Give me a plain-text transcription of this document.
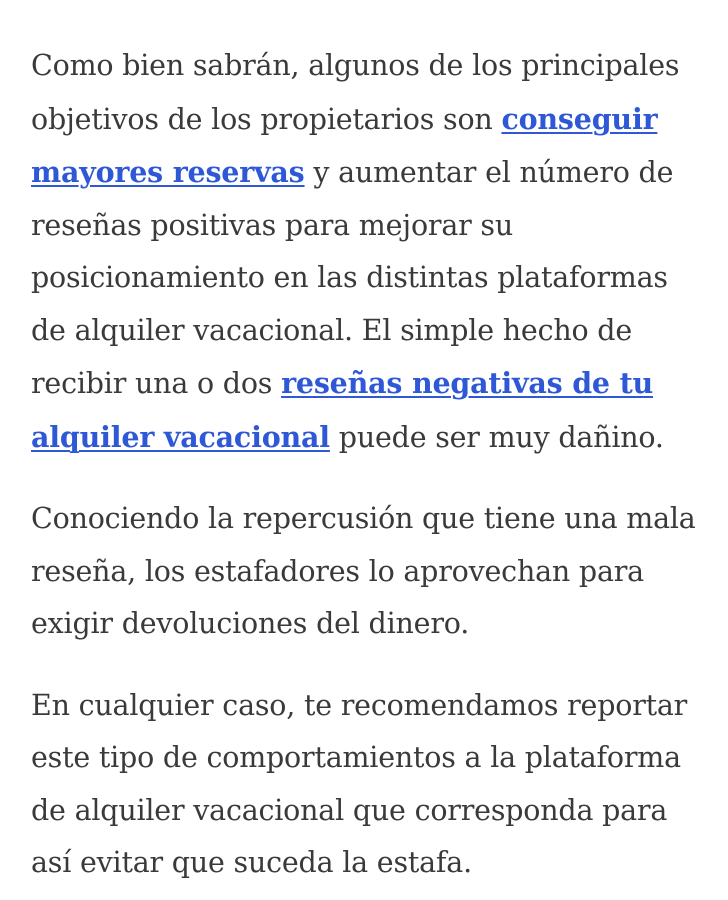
Como bien sabrán, algunos de los principales objetivos de los propietarios son conseguir mayores reservas y aumentar el número de reseñas positivas para mejorar su posicionamiento en las distintas plataformas de alquiler vacacional. El simple hecho de recibir una o dos reseñas negativas de tu alquiler vacacional puede ser muy dañino.

Conociendo la repercusión que tiene una mala reseña, los estafadores lo aprovechan para exigir devoluciones del dinero.

En cualquier caso, te recomendamos reportar este tipo de comportamientos a la plataforma de alquiler vacacional que corresponda para así evitar que suceda la estafa.
